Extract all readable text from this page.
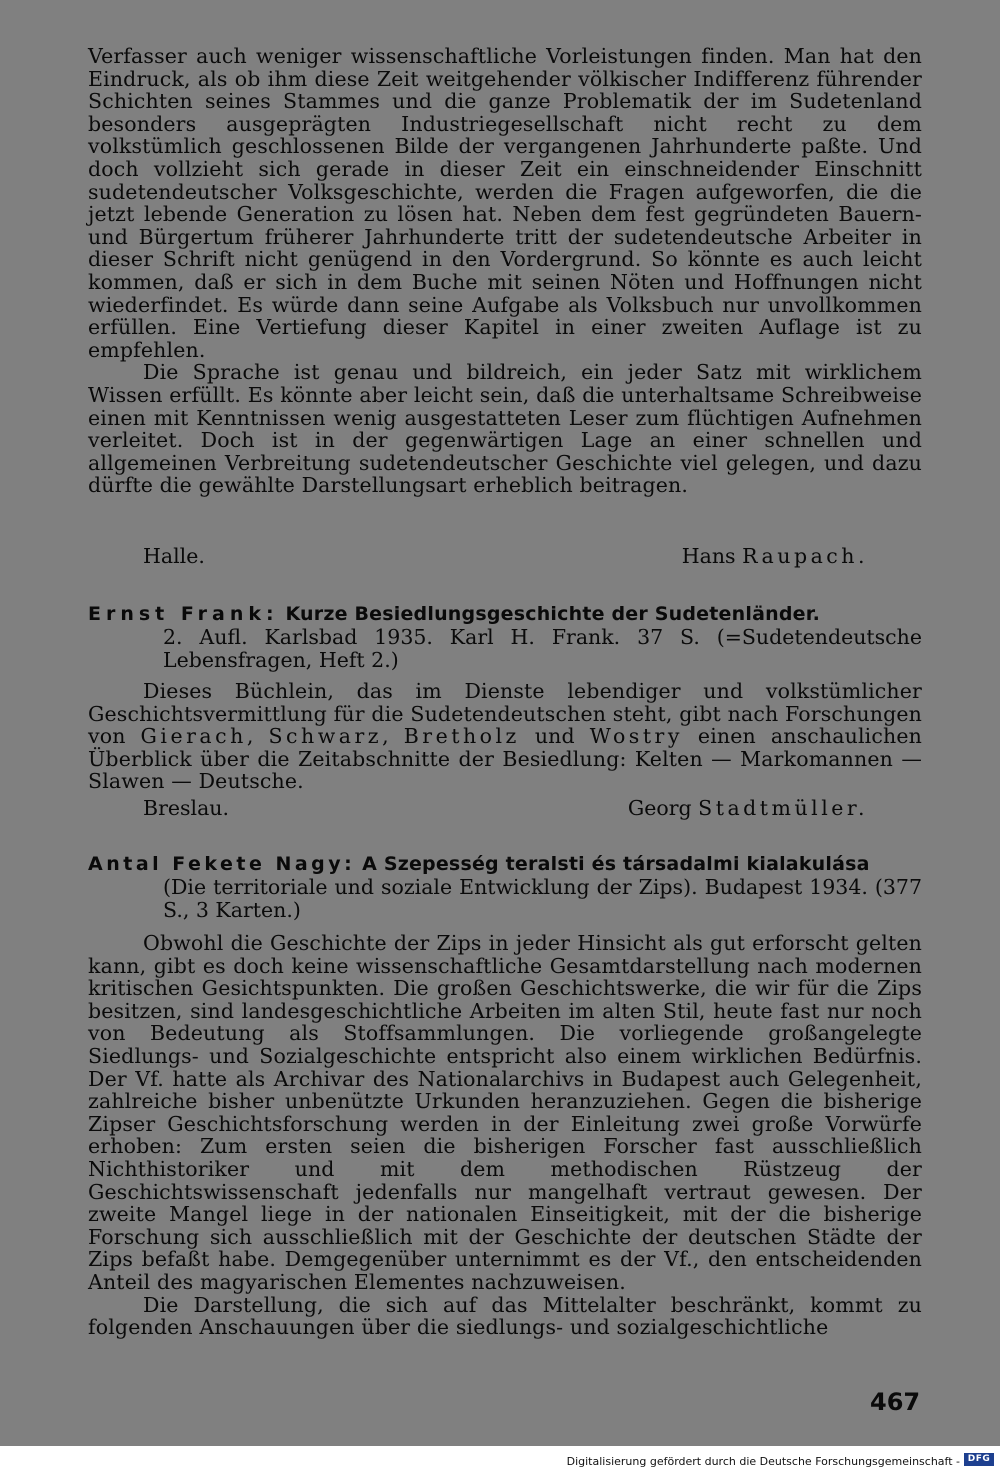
Verfasser auch weniger wissenschaftliche Vorleistungen finden. Man hat den Eindruck, als ob ihm diese Zeit weitgehender völkischer Indifferenz führender Schichten seines Stammes und die ganze Problematik der im Sudetenland besonders ausgeprägten Industriegesellschaft nicht recht zu dem volkstümlich geschlossenen Bilde der vergangenen Jahrhunderte paßte. Und doch vollzieht sich gerade in dieser Zeit ein einschneidender Einschnitt sudetendeutscher Volksgeschichte, werden die Fragen aufgeworfen, die die jetzt lebende Generation zu lösen hat. Neben dem fest gegründeten Bauern- und Bürgertum früherer Jahrhunderte tritt der sudetendeutsche Arbeiter in dieser Schrift nicht genügend in den Vordergrund. So könnte es auch leicht kommen, daß er sich in dem Buche mit seinen Nöten und Hoffnungen nicht wiederfindet. Es würde dann seine Aufgabe als Volksbuch nur unvollkommen erfüllen. Eine Vertiefung dieser Kapitel in einer zweiten Auflage ist zu empfehlen.

Die Sprache ist genau und bildreich, ein jeder Satz mit wirklichem Wissen erfüllt. Es könnte aber leicht sein, daß die unterhaltsame Schreibweise einen mit Kenntnissen wenig ausgestatteten Leser zum flüchtigen Aufnehmen verleitet. Doch ist in der gegenwärtigen Lage an einer schnellen und allgemeinen Verbreitung sudetendeutscher Geschichte viel gelegen, und dazu dürfte die gewählte Darstellungsart erheblich beitragen.

Halle.	Hans Raupach.
Ernst Frank: Kurze Besiedlungsgeschichte der Sudetenländer.
2. Aufl. Karlsbad 1935. Karl H. Frank. 37 S. (=Sudetendeutsche Lebensfragen, Heft 2.)

Dieses Büchlein, das im Dienste lebendiger und volkstümlicher Geschichtsvermittlung für die Sudetendeutschen steht, gibt nach Forschungen von Gierach, Schwarz, Bretholz und Wostry einen anschaulichen Überblick über die Zeitabschnitte der Besiedlung: Kelten — Markomannen — Slawen — Deutsche.

Breslau.	Georg Stadtmüller.
Antal Fekete Nagy: A Szepesség teralsti és társadalmi kialakulása
(Die territoriale und soziale Entwicklung der Zips). Budapest 1934. (377 S., 3 Karten.)

Obwohl die Geschichte der Zips in jeder Hinsicht als gut erforscht gelten kann, gibt es doch keine wissenschaftliche Gesamtdarstellung nach modernen kritischen Gesichtspunkten. Die großen Geschichtswerke, die wir für die Zips besitzen, sind landesgeschichtliche Arbeiten im alten Stil, heute fast nur noch von Bedeutung als Stoffsammlungen. Die vorliegende großangelegte Siedlungs- und Sozialgeschichte entspricht also einem wirklichen Bedürfnis. Der Vf. hatte als Archivar des Nationalarchivs in Budapest auch Gelegenheit, zahlreiche bisher unbenützte Urkunden heranzuziehen. Gegen die bisherige Zipser Geschichtsforschung werden in der Einleitung zwei große Vorwürfe erhoben: Zum ersten seien die bisherigen Forscher fast ausschließlich Nichthistoriker und mit dem methodischen Rüstzeug der Geschichtswissenschaft jedenfalls nur mangelhaft vertraut gewesen. Der zweite Mangel liege in der nationalen Einseitigkeit, mit der die bisherige Forschung sich ausschließlich mit der Geschichte der deutschen Städte der Zips befaßt habe. Demgegenüber unternimmt es der Vf., den entscheidenden Anteil des magyarischen Elementes nachzuweisen.

Die Darstellung, die sich auf das Mittelalter beschränkt, kommt zu folgenden Anschauungen über die siedlungs- und sozialgeschichtliche

467
Digitalisierung gefördert durch die Deutsche Forschungsgemeinschaft - DFG
